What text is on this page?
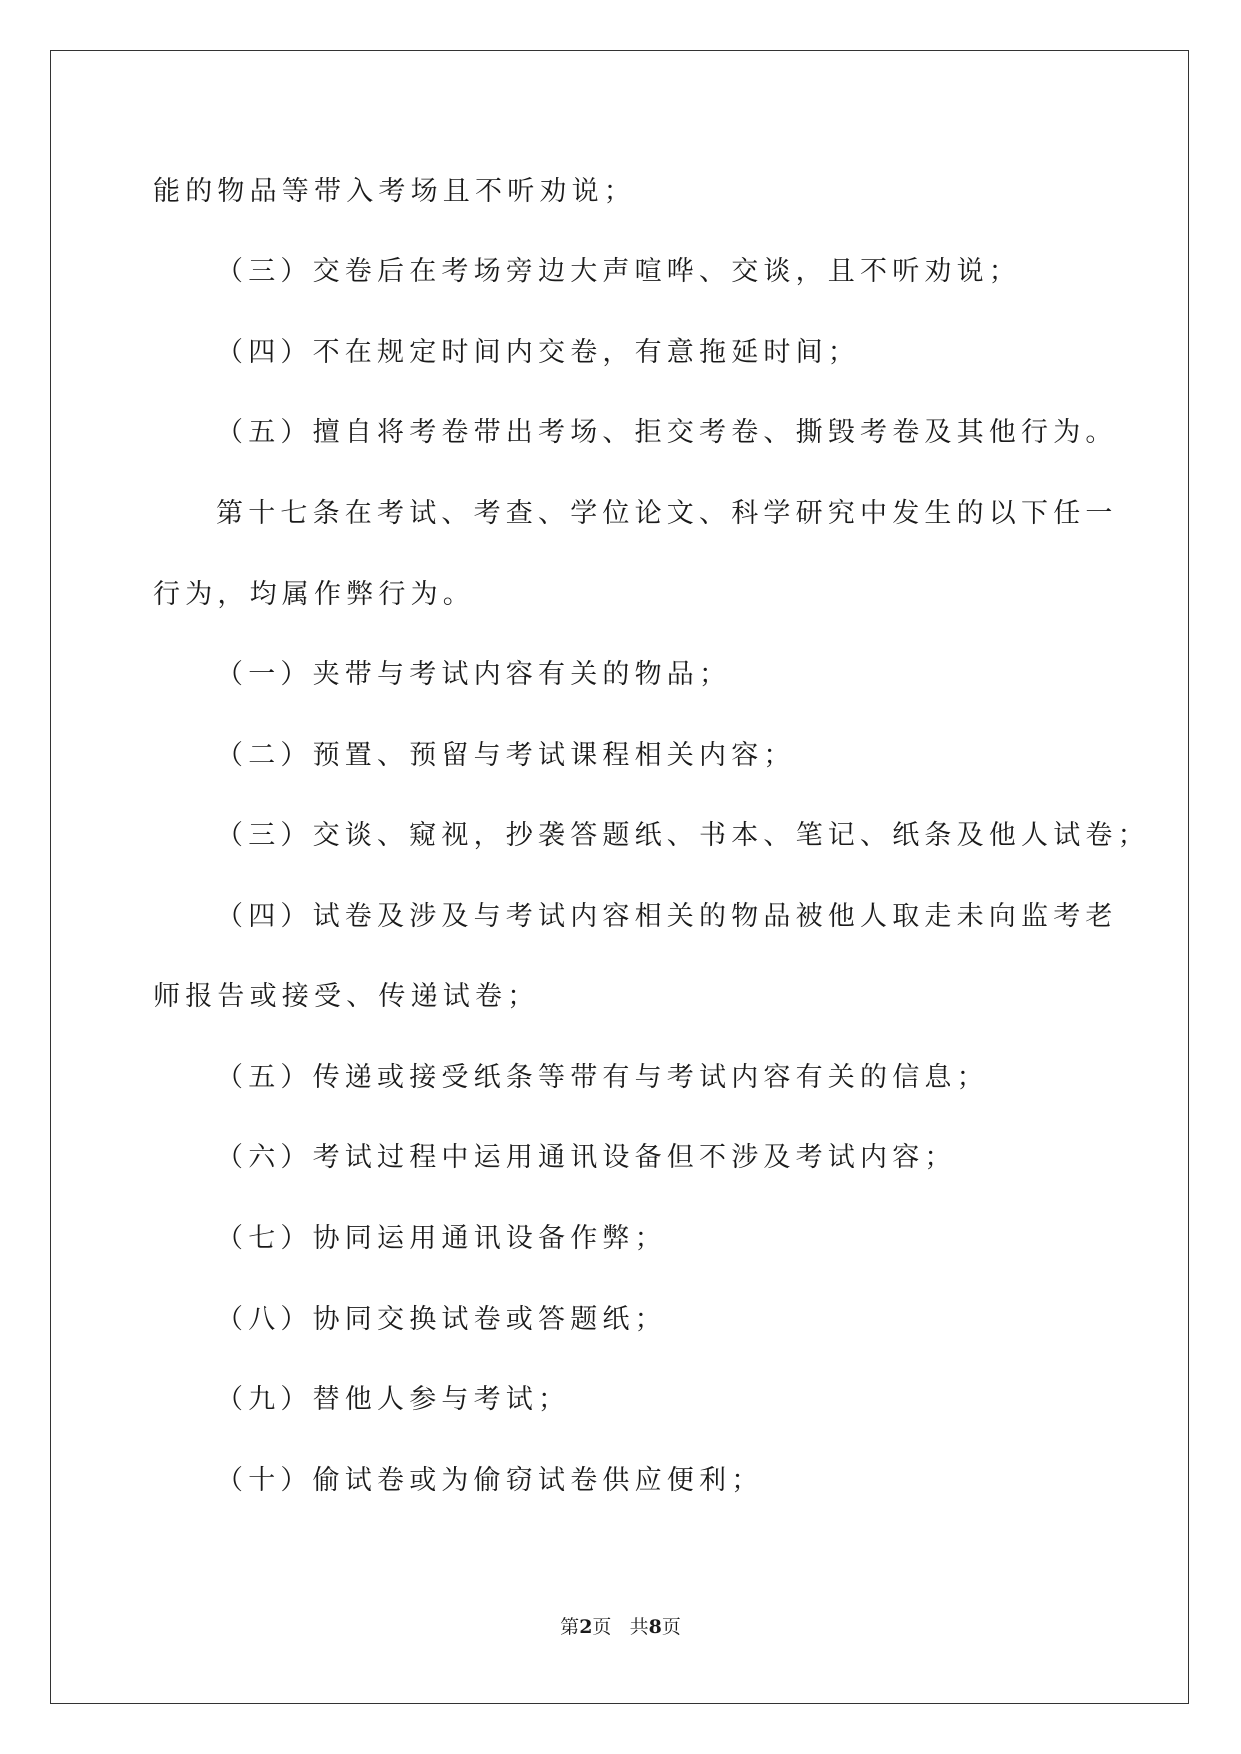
能的物品等带入考场且不听劝说；

（三）交卷后在考场旁边大声喧哗、交谈，且不听劝说；

（四）不在规定时间内交卷，有意拖延时间；

（五）擅自将考卷带出考场、拒交考卷、撕毁考卷及其他行为。

第十七条在考试、考查、学位论文、科学研究中发生的以下任一

行为，均属作弊行为。

（一）夹带与考试内容有关的物品；

（二）预置、预留与考试课程相关内容；

（三）交谈、窥视，抄袭答题纸、书本、笔记、纸条及他人试卷；

（四）试卷及涉及与考试内容相关的物品被他人取走未向监考老

师报告或接受、传递试卷；

（五）传递或接受纸条等带有与考试内容有关的信息；

（六）考试过程中运用通讯设备但不涉及考试内容；

（七）协同运用通讯设备作弊；

（八）协同交换试卷或答题纸；

（九）替他人参与考试；

（十）偷试卷或为偷窃试卷供应便利；

第2页 共8页
